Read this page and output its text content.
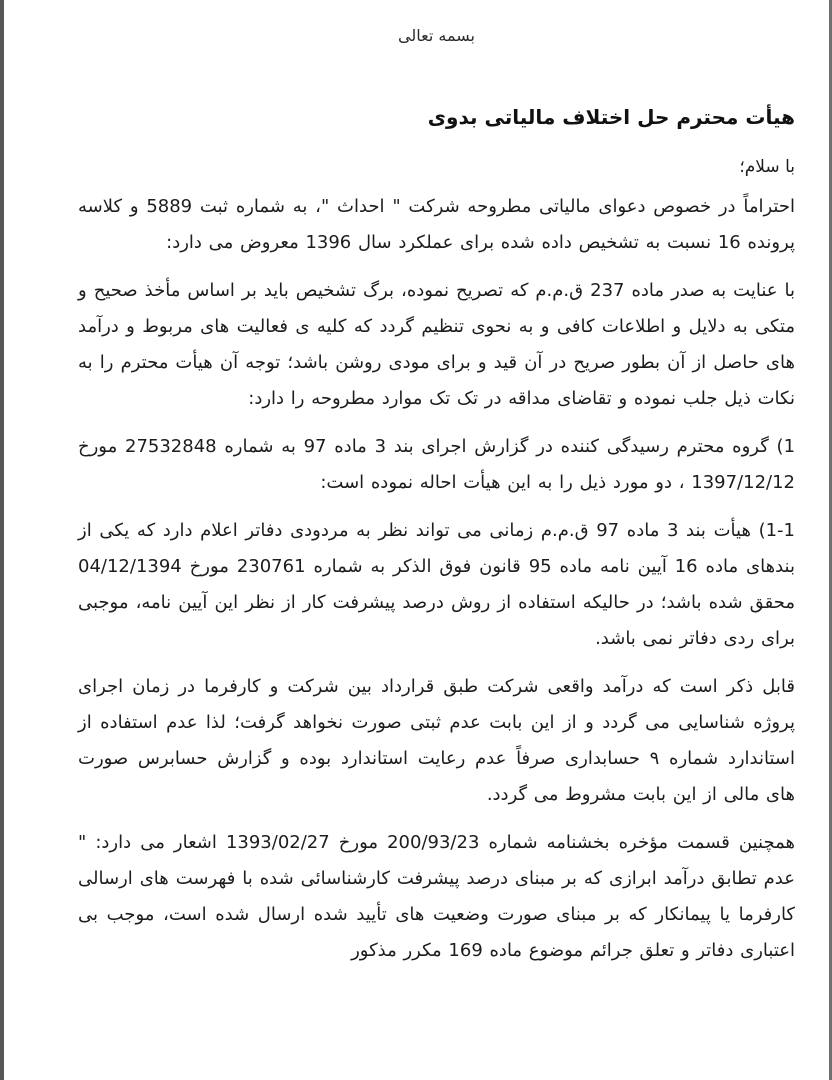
بسمه تعالی
هیأت محترم حل اختلاف مالیاتی بدوی
با سلام؛

احتراماً در خصوص دعوای مالیاتی مطروحه شرکت " احداث "، به شماره ثبت 5889 و کلاسه پرونده 16 نسبت به تشخیص داده شده برای عملکرد سال 1396 معروض می دارد:

با عنایت به صدر ماده 237 ق.م.م که تصریح نموده، برگ تشخیص باید بر اساس مأخذ صحیح و متکی به دلایل و اطلاعات کافی و به نحوی تنظیم گردد که کلیه ی فعالیت های مربوط و درآمد های حاصل از آن بطور صریح در آن قید و برای مودی روشن باشد؛ توجه آن هیأت محترم را به نکات ذیل جلب نموده و تقاضای مداقه در تک تک موارد مطروحه را دارد:

1) گروه محترم رسیدگی کننده در گزارش اجرای بند 3 ماده 97 به شماره 27532848 مورخ 1397/12/12 ، دو مورد ذیل را به این هیأت احاله نموده است:

1-1) هیأت بند 3 ماده 97 ق.م.م زمانی می تواند نظر به مردودی دفاتر اعلام دارد که یکی از بندهای ماده 16 آیین نامه ماده 95 قانون فوق الذکر به شماره 230761 مورخ 04/12/1394 محقق شده باشد؛ در حالیکه استفاده از روش درصد پیشرفت کار از نظر این آیین نامه، موجبی برای ردی دفاتر نمی باشد.

قابل ذکر است که درآمد واقعی شرکت طبق قرارداد بین شرکت و کارفرما در زمان اجرای پروژه شناسایی می گردد و از این بابت عدم ثبتی صورت نخواهد گرفت؛ لذا عدم استفاده از استاندارد شماره ۹ حسابداری صرفاً عدم رعایت استاندارد بوده و گزارش حسابرس صورت های مالی از این بابت مشروط می گردد.

همچنین قسمت مؤخره بخشنامه شماره 200/93/23 مورخ 1393/02/27 اشعار می دارد: " عدم تطابق درآمد ابرازی که بر مبنای درصد پیشرفت کارشناسائی شده با فهرست های ارسالی کارفرما یا پیمانکار که بر مبنای صورت وضعیت های تأیید شده ارسال شده است، موجب بی اعتباری دفاتر و تعلق جرائم موضوع ماده 169 مکرر مذکور
